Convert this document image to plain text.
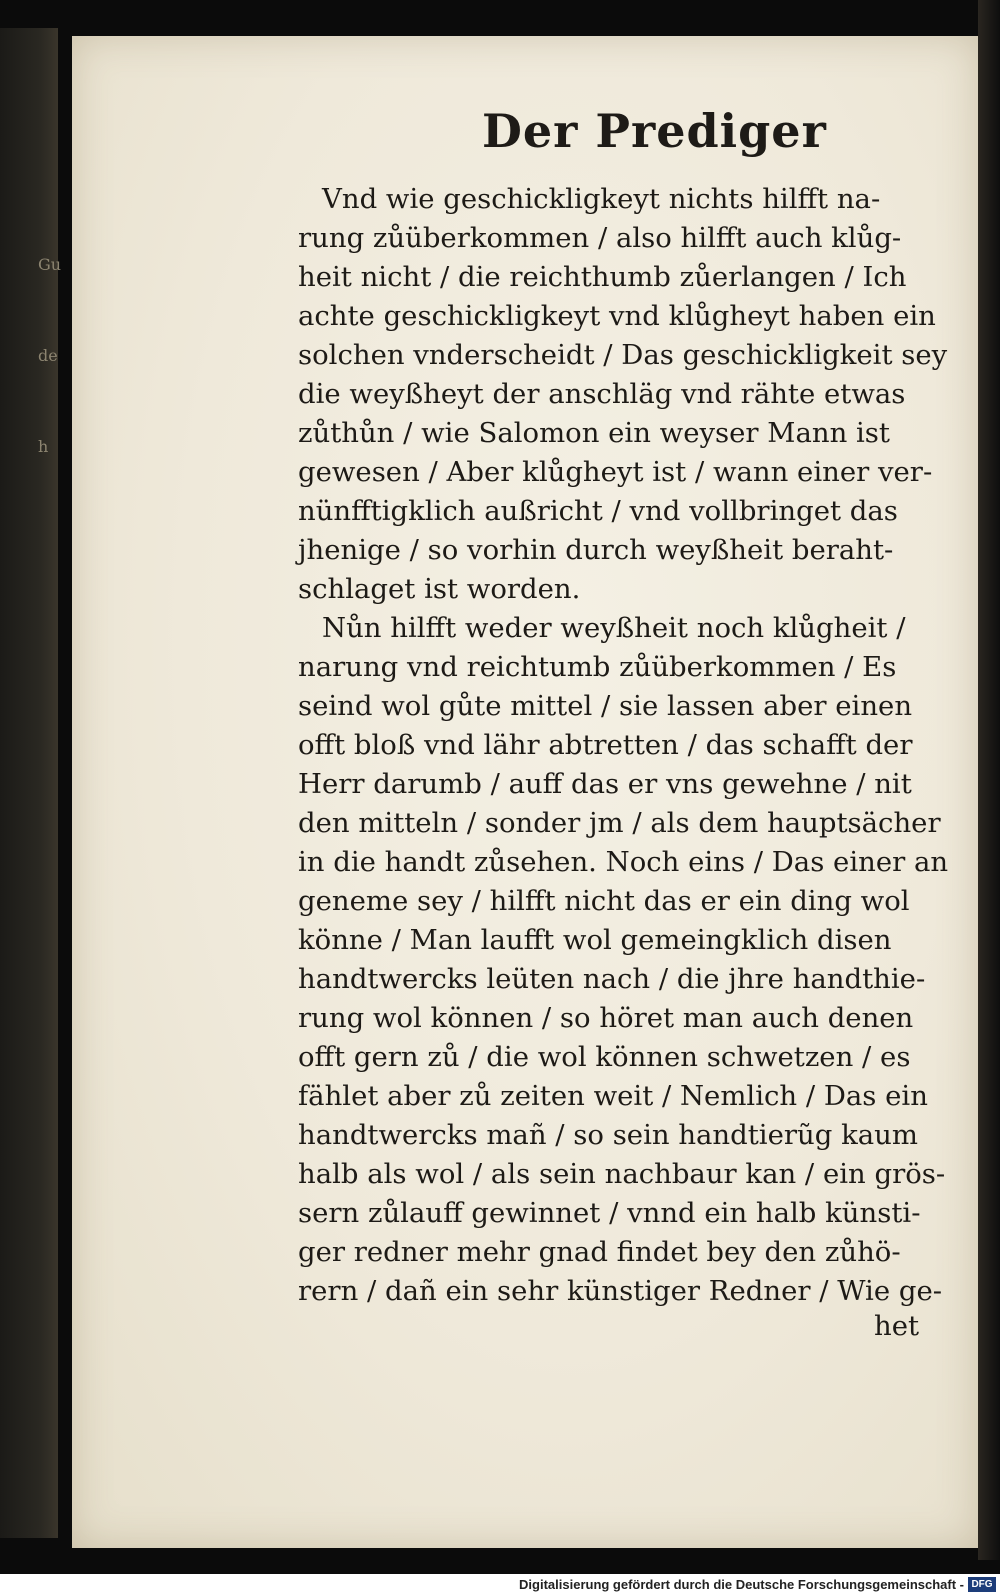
Gu

de

h

Der Prediger
Vnd wie geschickligkeyt nichts hilfft na-
rung zůüberkommen / also hilfft auch klůg-
heit nicht / die reichthumb zůerlangen / Ich
achte geschickligkeyt vnd klůgheyt haben ein
solchen vnderscheidt / Das geschickligkeit sey
die weyßheyt der anschläg vnd rähte etwas
zůthůn / wie Salomon ein weyser Mann ist
gewesen / Aber klůgheyt ist / wann einer ver-
nünfftigklich außricht / vnd vollbringet das
jhenige / so vorhin durch weyßheit beraht-
schlaget ist worden.
Nůn hilfft weder weyßheit noch klůgheit /
narung vnd reichtumb zůüberkommen / Es
seind wol gůte mittel / sie lassen aber einen
offt bloß vnd lähr abtretten / das schafft der
Herr darumb / auff das er vns gewehne / nit
den mitteln / sonder jm / als dem hauptsächer
in die handt zůsehen. Noch eins / Das einer an
geneme sey / hilfft nicht das er ein ding wol
könne / Man laufft wol gemeingklich disen
handtwercks leüten nach / die jhre handthie-
rung wol können / so höret man auch denen
offt gern zů / die wol können schwetzen / es
fählet aber zů zeiten weit / Nemlich / Das ein
handtwercks mañ / so sein handtierũg kaum
halb als wol / als sein nachbaur kan / ein grös-
sern zůlauff gewinnet / vnnd ein halb künsti-
ger redner mehr gnad findet bey den zůhö-
rern / dañ ein sehr künstiger Redner / Wie ge-
het
Digitalisierung gefördert durch die Deutsche Forschungsgemeinschaft - DFG
